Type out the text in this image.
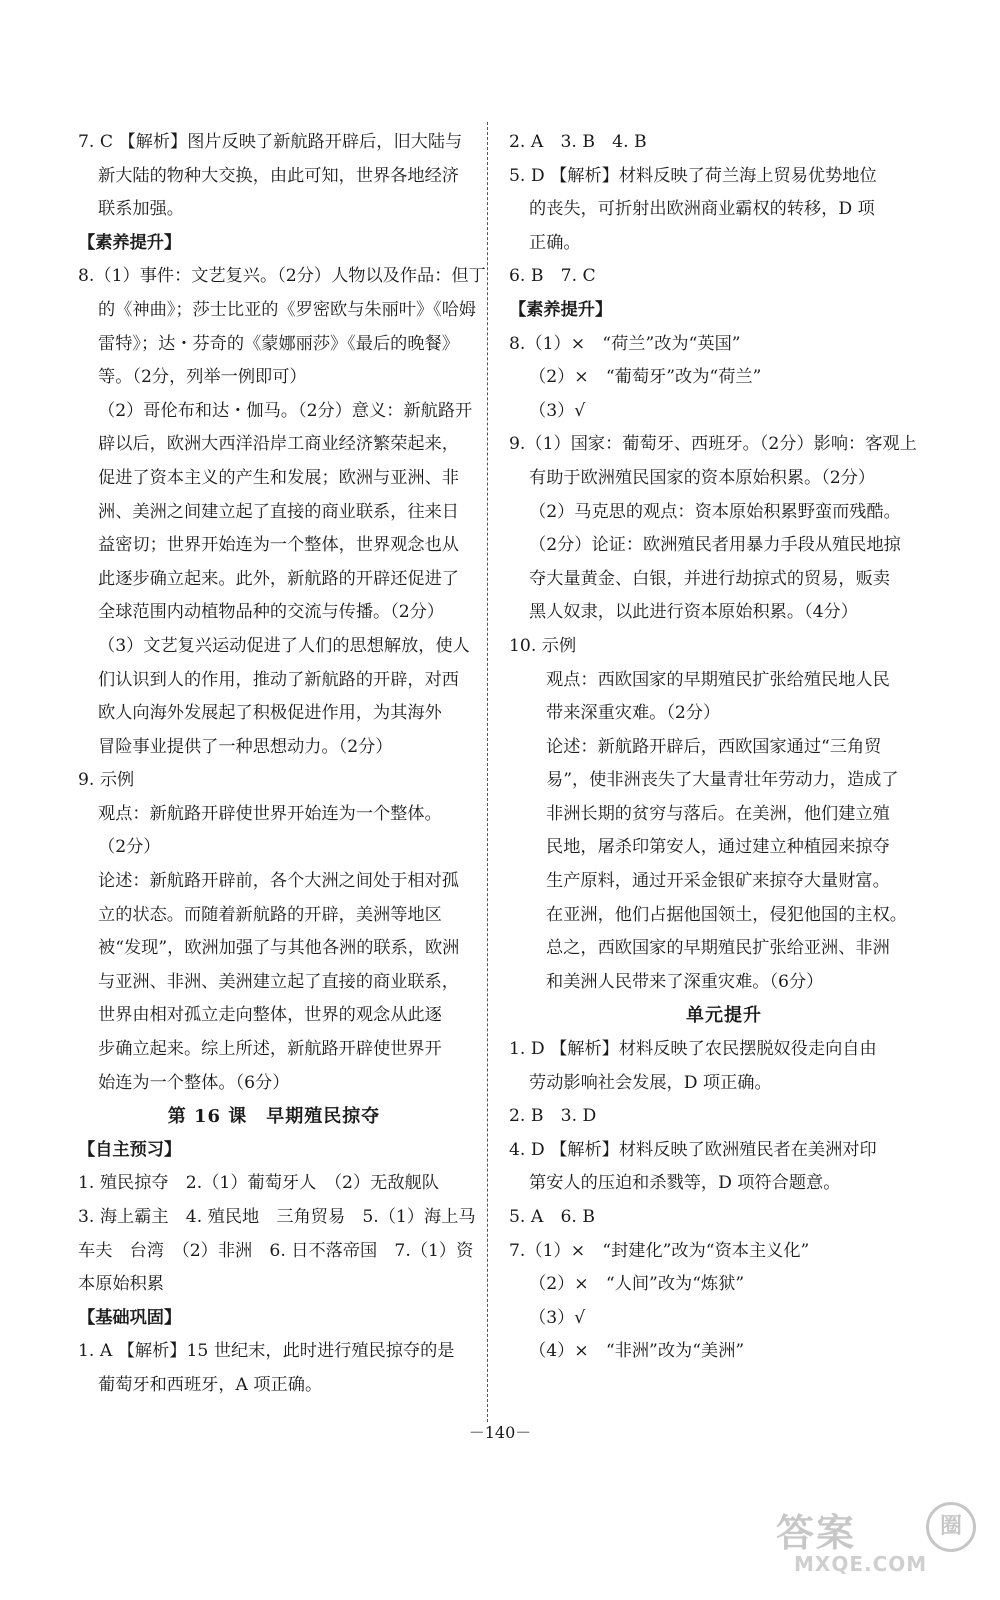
7. C 【解析】图片反映了新航路开辟后，旧大陆与
新大陆的物种大交换，由此可知，世界各地经济
联系加强。
【素养提升】
8.（1）事件：文艺复兴。（2分）人物以及作品：但丁
的《神曲》；莎士比亚的《罗密欧与朱丽叶》《哈姆
雷特》；达・芬奇的《蒙娜丽莎》《最后的晚餐》
等。（2分，列举一例即可）
（2）哥伦布和达・伽马。（2分）意义：新航路开
辟以后，欧洲大西洋沿岸工商业经济繁荣起来，
促进了资本主义的产生和发展；欧洲与亚洲、非
洲、美洲之间建立起了直接的商业联系，往来日
益密切；世界开始连为一个整体，世界观念也从
此逐步确立起来。此外，新航路的开辟还促进了
全球范围内动植物品种的交流与传播。（2分）
（3）文艺复兴运动促进了人们的思想解放，使人
们认识到人的作用，推动了新航路的开辟，对西
欧人向海外发展起了积极促进作用，为其海外
冒险事业提供了一种思想动力。（2分）
9. 示例
观点：新航路开辟使世界开始连为一个整体。
（2分）
论述：新航路开辟前，各个大洲之间处于相对孤
立的状态。而随着新航路的开辟，美洲等地区
被“发现”，欧洲加强了与其他各洲的联系，欧洲
与亚洲、非洲、美洲建立起了直接的商业联系，
世界由相对孤立走向整体，世界的观念从此逐
步确立起来。综上所述，新航路开辟使世界开
始连为一个整体。（6分）
第 16 课　早期殖民掠夺
【自主预习】
1. 殖民掠夺　2.（1）葡萄牙人　（2）无敌舰队
3. 海上霸主　4. 殖民地　三角贸易　5.（1）海上马
车夫　台湾　（2）非洲　6. 日不落帝国　7.（1）资
本原始积累
【基础巩固】
1. A 【解析】15 世纪末，此时进行殖民掠夺的是
葡萄牙和西班牙，A 项正确。
2. A　3. B　4. B
5. D 【解析】材料反映了荷兰海上贸易优势地位
的丧失，可折射出欧洲商业霸权的转移，D 项
正确。
6. B　7. C
【素养提升】
8.（1）×　“荷兰”改为“英国”
（2）×　“葡萄牙”改为“荷兰”
（3）√
9.（1）国家：葡萄牙、西班牙。（2分）影响：客观上
有助于欧洲殖民国家的资本原始积累。（2分）
（2）马克思的观点：资本原始积累野蛮而残酷。
（2分）论证：欧洲殖民者用暴力手段从殖民地掠
夺大量黄金、白银，并进行劫掠式的贸易，贩卖
黑人奴隶，以此进行资本原始积累。（4分）
10. 示例
观点：西欧国家的早期殖民扩张给殖民地人民
带来深重灾难。（2分）
论述：新航路开辟后，西欧国家通过“三角贸
易”，使非洲丧失了大量青壮年劳动力，造成了
非洲长期的贫穷与落后。在美洲，他们建立殖
民地，屠杀印第安人，通过建立种植园来掠夺
生产原料，通过开采金银矿来掠夺大量财富。
在亚洲，他们占据他国领土，侵犯他国的主权。
总之，西欧国家的早期殖民扩张给亚洲、非洲
和美洲人民带来了深重灾难。（6分）
单元提升
1. D 【解析】材料反映了农民摆脱奴役走向自由
劳动影响社会发展，D 项正确。
2. B　3. D
4. D 【解析】材料反映了欧洲殖民者在美洲对印
第安人的压迫和杀戮等，D 项符合题意。
5. A　6. B
7.（1）×　“封建化”改为“资本主义化”
（2）×　“人间”改为“炼狱”
（3）√
（4）×　“非洲”改为“美洲”
－140－
答案	圈
MXQE.COM
